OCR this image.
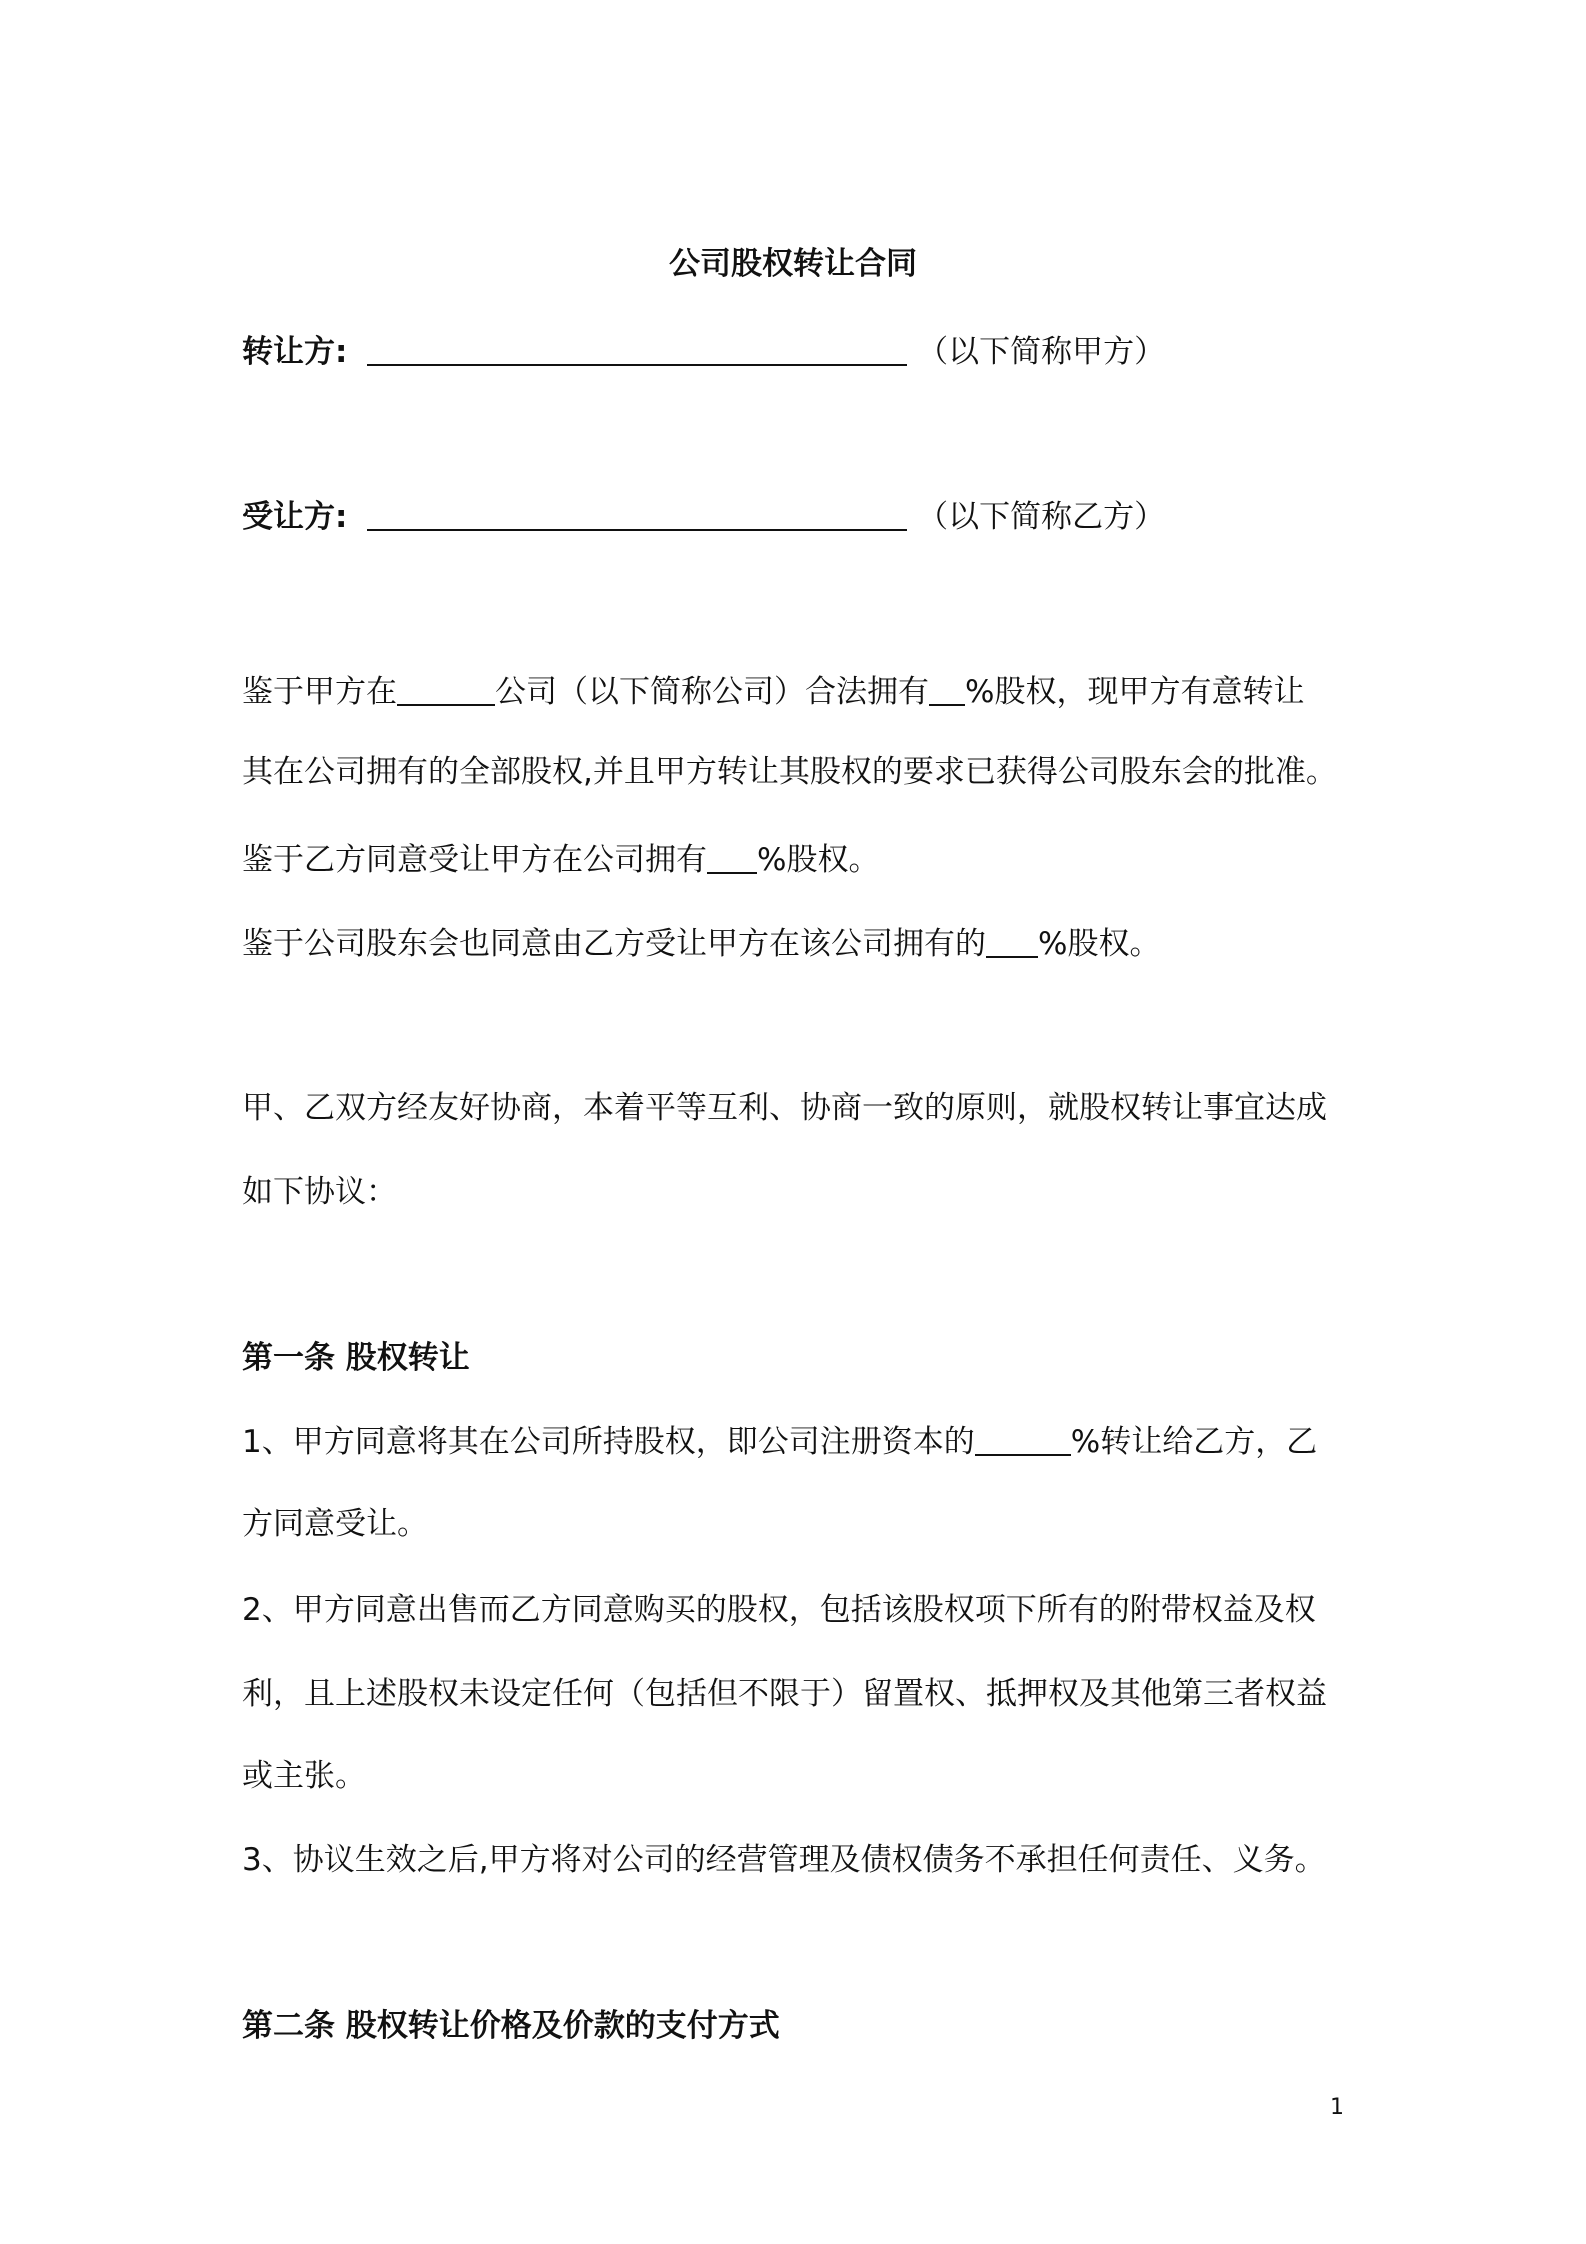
公司股权转让合同
转让方:	（以下简称甲方）
受让方:	（以下简称乙方）
鉴于甲方在	公司（以下简称公司）合法拥有 %股权，现甲方有意转让
其在公司拥有的全部股权,并且甲方转让其股权的要求已获得公司股东会的批准。
鉴于乙方同意受让甲方在公司拥有 %股权。
鉴于公司股东会也同意由乙方受让甲方在该公司拥有的 %股权。
甲、乙双方经友好协商，本着平等互利、协商一致的原则，就股权转让事宜达成
如下协议：
第一条 股权转让
1、甲方同意将其在公司所持股权，即公司注册资本的	%转让给乙方，乙
方同意受让。
2、甲方同意出售而乙方同意购买的股权，包括该股权项下所有的附带权益及权
利，且上述股权未设定任何（包括但不限于）留置权、抵押权及其他第三者权益
或主张。
3、协议生效之后,甲方将对公司的经营管理及债权债务不承担任何责任、义务。
第二条 股权转让价格及价款的支付方式
1
